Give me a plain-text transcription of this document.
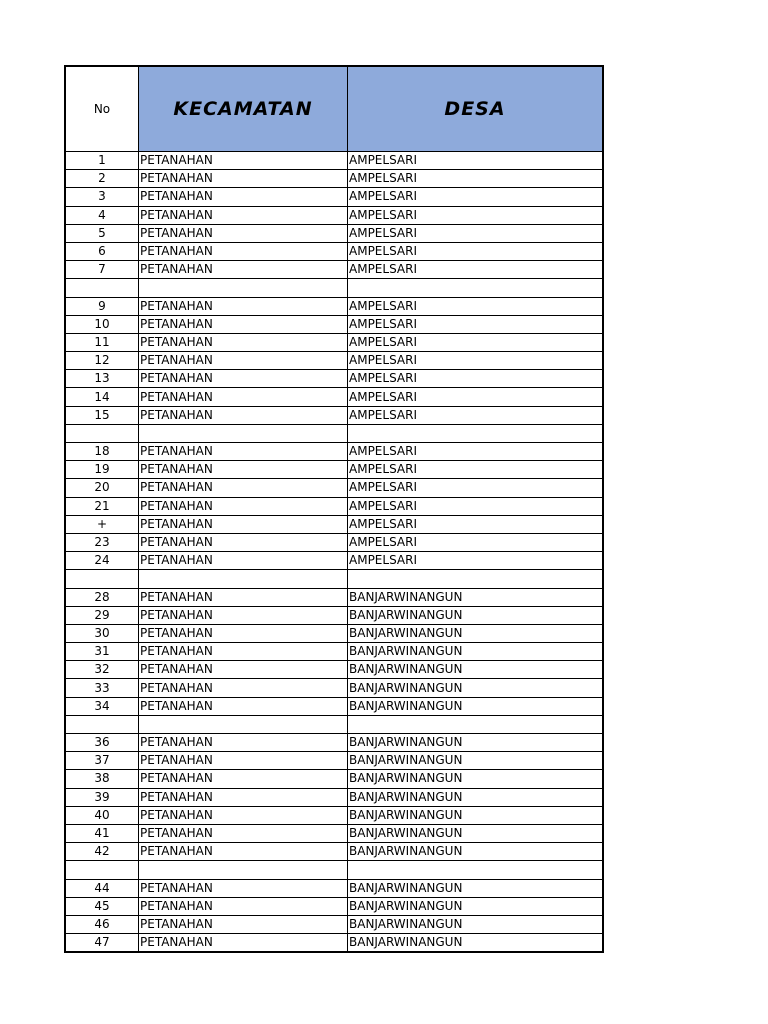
No	KECAMATAN	DESA
1	PETANAHAN	AMPELSARI
2	PETANAHAN	AMPELSARI
3	PETANAHAN	AMPELSARI
4	PETANAHAN	AMPELSARI
5	PETANAHAN	AMPELSARI
6	PETANAHAN	AMPELSARI
7	PETANAHAN	AMPELSARI

9	PETANAHAN	AMPELSARI
10	PETANAHAN	AMPELSARI
11	PETANAHAN	AMPELSARI
12	PETANAHAN	AMPELSARI
13	PETANAHAN	AMPELSARI
14	PETANAHAN	AMPELSARI
15	PETANAHAN	AMPELSARI

18	PETANAHAN	AMPELSARI
19	PETANAHAN	AMPELSARI
20	PETANAHAN	AMPELSARI
21	PETANAHAN	AMPELSARI
+	PETANAHAN	AMPELSARI
23	PETANAHAN	AMPELSARI
24	PETANAHAN	AMPELSARI

28	PETANAHAN	BANJARWINANGUN
29	PETANAHAN	BANJARWINANGUN
30	PETANAHAN	BANJARWINANGUN
31	PETANAHAN	BANJARWINANGUN
32	PETANAHAN	BANJARWINANGUN
33	PETANAHAN	BANJARWINANGUN
34	PETANAHAN	BANJARWINANGUN

36	PETANAHAN	BANJARWINANGUN
37	PETANAHAN	BANJARWINANGUN
38	PETANAHAN	BANJARWINANGUN
39	PETANAHAN	BANJARWINANGUN
40	PETANAHAN	BANJARWINANGUN
41	PETANAHAN	BANJARWINANGUN
42	PETANAHAN	BANJARWINANGUN

44	PETANAHAN	BANJARWINANGUN
45	PETANAHAN	BANJARWINANGUN
46	PETANAHAN	BANJARWINANGUN
47	PETANAHAN	BANJARWINANGUN
